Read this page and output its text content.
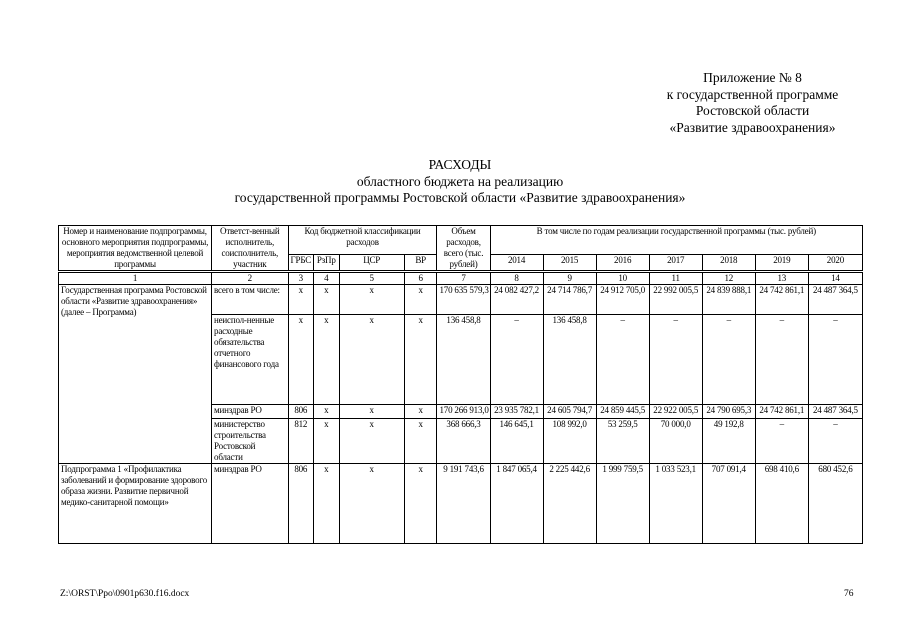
Приложение № 8
к государственной программе
Ростовской области
«Развитие здравоохранения»
РАСХОДЫ
областного бюджета на реализацию
государственной программы Ростовской области «Развитие здравоохранения»
Номер и наименование подпрограммы, основного мероприятия подпрограммы, мероприятия ведомственной целевой программы	Ответст-венный исполнитель, соисполнитель, участник	Код бюджетной классификации расходов				Объем расходов, всего (тыс. рублей)	В том числе по годам реализации государственной программы (тыс. рублей)						
		ГРБС	РзПр	ЦСР	ВР		2014	2015	2016	2017	2018	2019	2020
1	2	3	4	5	6	7	8	9	10	11	12	13	14
Государственная программа Ростовской области «Развитие здравоохранения» (далее – Программа)	всего в том числе:	x	x	x	x	170 635 579,3	24 082 427,2	24 714 786,7	24 912 705,0	22 992 005,5	24 839 888,1	24 742 861,1	24 487 364,5
	неиспол-ненные расходные обязательства отчетного финансового года	x	x	x	x	136 458,8	–	136 458,8	–	–	–	–	–
	минздрав РО	806	x	x	x	170 266 913,0	23 935 782,1	24 605 794,7	24 859 445,5	22 922 005,5	24 790 695,3	24 742 861,1	24 487 364,5
	министерство строительства Ростовской области	812	x	x	x	368 666,3	146 645,1	108 992,0	53 259,5	70 000,0	49 192,8	–	–
Подпрограмма 1 «Профилактика заболеваний и формирование здорового образа жизни. Развитие первичной медико-санитарной помощи»	минздрав РО	806	x	x	x	9 191 743,6	1 847 065,4	2 225 442,6	1 999 759,5	1 033 523,1	707 091,4	698 410,6	680 452,6
Z:\ORST\Ppo\0901p630.f16.docx	76
